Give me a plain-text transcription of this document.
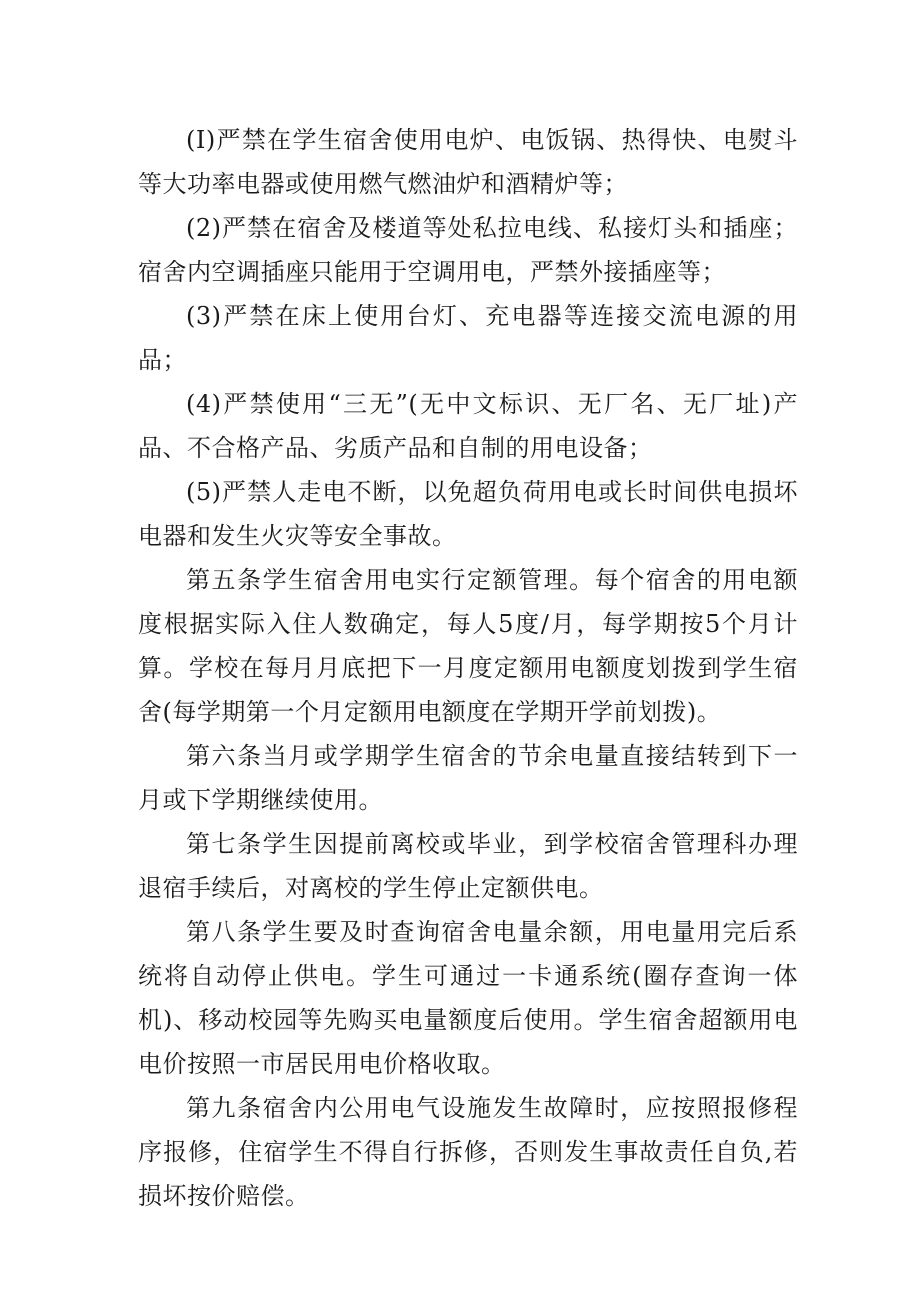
(I)严禁在学生宿舍使用电炉、电饭锅、热得快、电熨斗等大功率电器或使用燃气燃油炉和酒精炉等；

(2)严禁在宿舍及楼道等处私拉电线、私接灯头和插座；宿舍内空调插座只能用于空调用电，严禁外接插座等；

(3)严禁在床上使用台灯、充电器等连接交流电源的用品；

(4)严禁使用“三无”(无中文标识、无厂名、无厂址)产品、不合格产品、劣质产品和自制的用电设备；

(5)严禁人走电不断，以免超负荷用电或长时间供电损坏电器和发生火灾等安全事故。

第五条学生宿舍用电实行定额管理。每个宿舍的用电额度根据实际入住人数确定，每人5度/月，每学期按5个月计算。学校在每月月底把下一月度定额用电额度划拨到学生宿舍(每学期第一个月定额用电额度在学期开学前划拨)。

第六条当月或学期学生宿舍的节余电量直接结转到下一月或下学期继续使用。

第七条学生因提前离校或毕业，到学校宿舍管理科办理退宿手续后，对离校的学生停止定额供电。

第八条学生要及时查询宿舍电量余额，用电量用完后系统将自动停止供电。学生可通过一卡通系统(圈存查询一体机)、移动校园等先购买电量额度后使用。学生宿舍超额用电电价按照一市居民用电价格收取。

第九条宿舍内公用电气设施发生故障时，应按照报修程序报修，住宿学生不得自行拆修，否则发生事故责任自负,若损坏按价赔偿。
